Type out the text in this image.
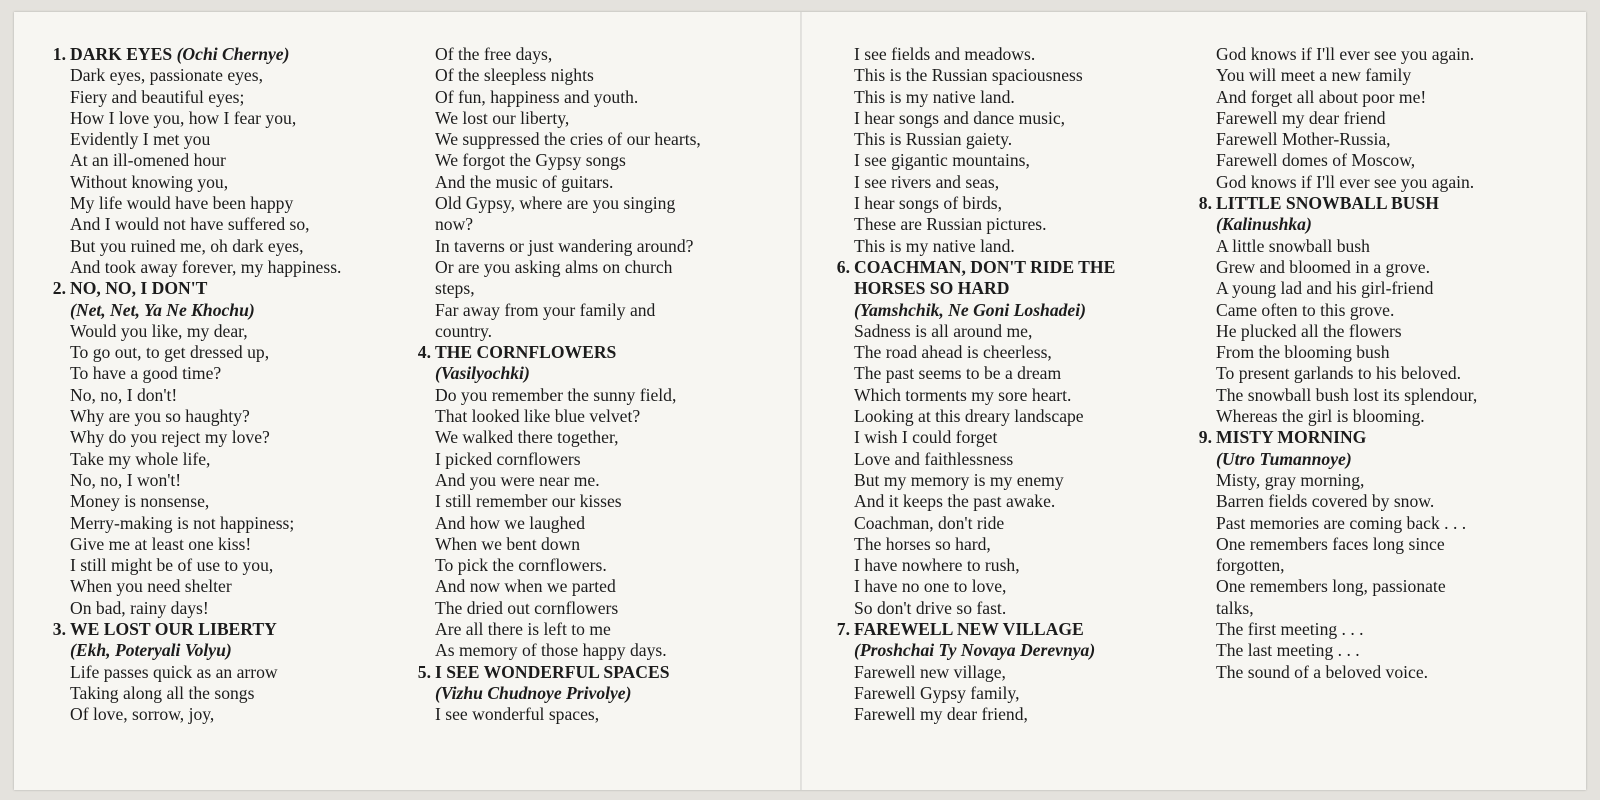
1. DARK EYES (Ochi Chernye)
Dark eyes, passionate eyes,
Fiery and beautiful eyes;
How I love you, how I fear you,
Evidently I met you
At an ill-omened hour
Without knowing you,
My life would have been happy
And I would not have suffered so,
But you ruined me, oh dark eyes,
And took away forever, my happiness.
2. NO, NO, I DON'T
(Net, Net, Ya Ne Khochu)
Would you like, my dear,
To go out, to get dressed up,
To have a good time?
No, no, I don't!
Why are you so haughty?
Why do you reject my love?
Take my whole life,
No, no, I won't!
Money is nonsense,
Merry-making is not happiness;
Give me at least one kiss!
I still might be of use to you,
When you need shelter
On bad, rainy days!
3. WE LOST OUR LIBERTY
(Ekh, Poteryali Volyu)
Life passes quick as an arrow
Taking along all the songs
Of love, sorrow, joy,
Of the free days,
Of the sleepless nights
Of fun, happiness and youth.
We lost our liberty,
We suppressed the cries of our hearts,
We forgot the Gypsy songs
And the music of guitars.
Old Gypsy, where are you singing
now?
In taverns or just wandering around?
Or are you asking alms on church
steps,
Far away from your family and
country.
4. THE CORNFLOWERS
(Vasilyochki)
Do you remember the sunny field,
That looked like blue velvet?
We walked there together,
I picked cornflowers
And you were near me.
I still remember our kisses
And how we laughed
When we bent down
To pick the cornflowers.
And now when we parted
The dried out cornflowers
Are all there is left to me
As memory of those happy days.
5. I SEE WONDERFUL SPACES
(Vizhu Chudnoye Privolye)
I see wonderful spaces,
I see fields and meadows.
This is the Russian spaciousness
This is my native land.
I hear songs and dance music,
This is Russian gaiety.
I see gigantic mountains,
I see rivers and seas,
I hear songs of birds,
These are Russian pictures.
This is my native land.
6. COACHMAN, DON'T RIDE THE
HORSES SO HARD
(Yamshchik, Ne Goni Loshadei)
Sadness is all around me,
The road ahead is cheerless,
The past seems to be a dream
Which torments my sore heart.
Looking at this dreary landscape
I wish I could forget
Love and faithlessness
But my memory is my enemy
And it keeps the past awake.
Coachman, don't ride
The horses so hard,
I have nowhere to rush,
I have no one to love,
So don't drive so fast.
7. FAREWELL NEW VILLAGE
(Proshchai Ty Novaya Derevnya)
Farewell new village,
Farewell Gypsy family,
Farewell my dear friend,
God knows if I'll ever see you again.
You will meet a new family
And forget all about poor me!
Farewell my dear friend
Farewell Mother-Russia,
Farewell domes of Moscow,
God knows if I'll ever see you again.
8. LITTLE SNOWBALL BUSH
(Kalinushka)
A little snowball bush
Grew and bloomed in a grove.
A young lad and his girl-friend
Came often to this grove.
He plucked all the flowers
From the blooming bush
To present garlands to his beloved.
The snowball bush lost its splendour,
Whereas the girl is blooming.
9. MISTY MORNING
(Utro Tumannoye)
Misty, gray morning,
Barren fields covered by snow.
Past memories are coming back . . .
One remembers faces long since
forgotten,
One remembers long, passionate
talks,
The first meeting . . .
The last meeting . . .
The sound of a beloved voice.
